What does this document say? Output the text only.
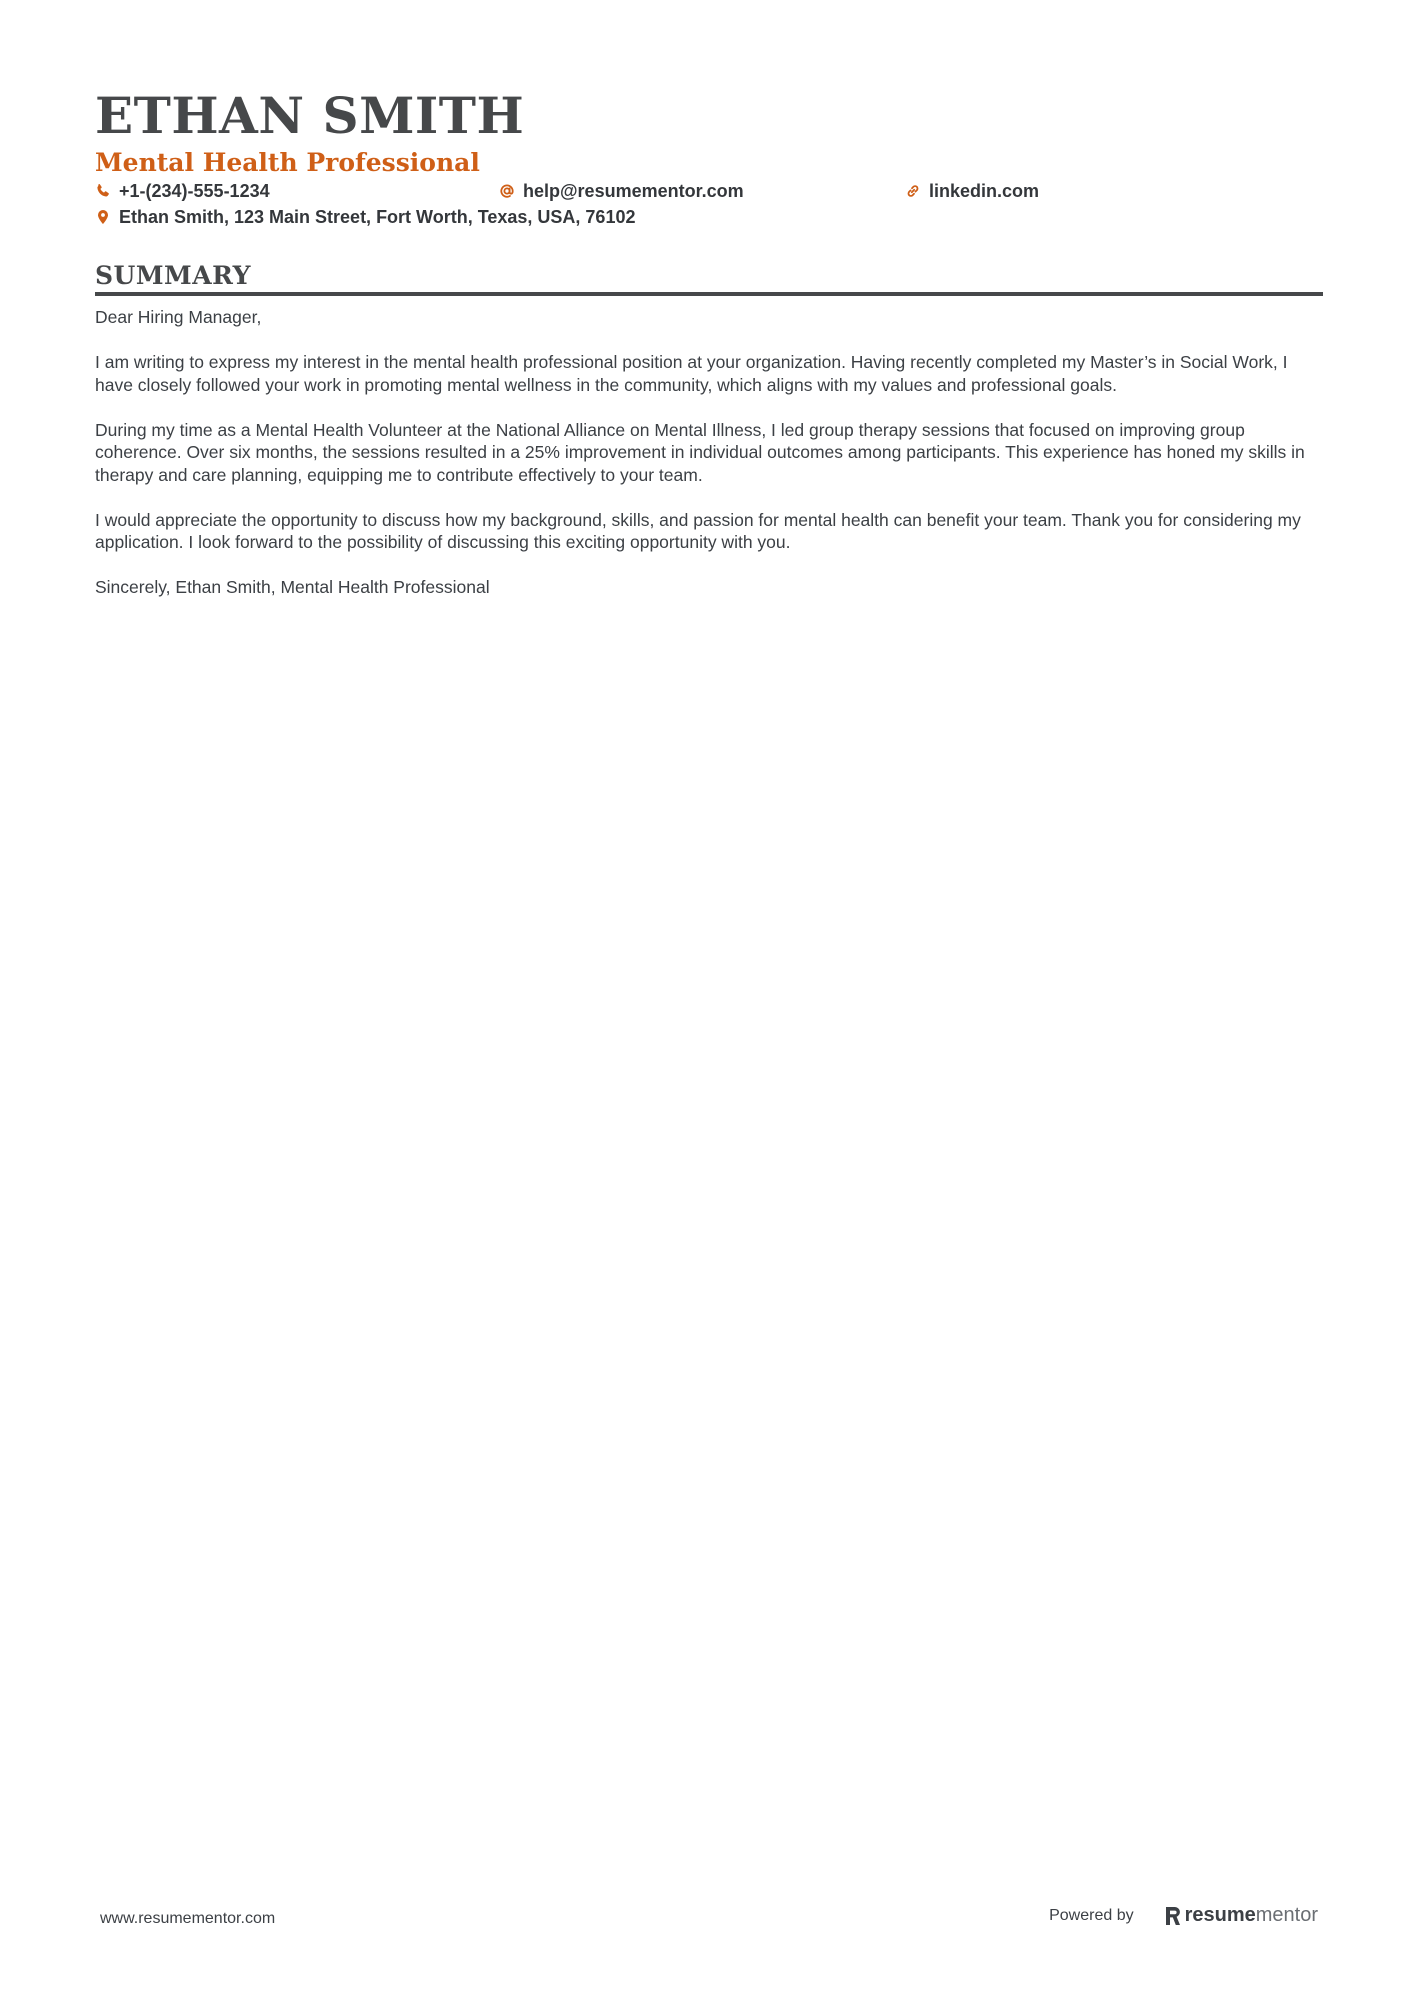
ETHAN SMITH
Mental Health Professional
+1-(234)-555-1234	help@resumementor.com	linkedin.com
Ethan Smith, 123 Main Street, Fort Worth, Texas, USA, 76102
SUMMARY

Dear Hiring Manager,

I am writing to express my interest in the mental health professional position at your organization. Having recently completed my Master’s in Social Work, I have closely followed your work in promoting mental wellness in the community, which aligns with my values and professional goals.

During my time as a Mental Health Volunteer at the National Alliance on Mental Illness, I led group therapy sessions that focused on improving group coherence. Over six months, the sessions resulted in a 25% improvement in individual outcomes among participants. This experience has honed my skills in therapy and care planning, equipping me to contribute effectively to your team.

I would appreciate the opportunity to discuss how my background, skills, and passion for mental health can benefit your team. Thank you for considering my application. I look forward to the possibility of discussing this exciting opportunity with you.

Sincerely, Ethan Smith, Mental Health Professional

www.resumementor.com	Powered by	resume mentor
